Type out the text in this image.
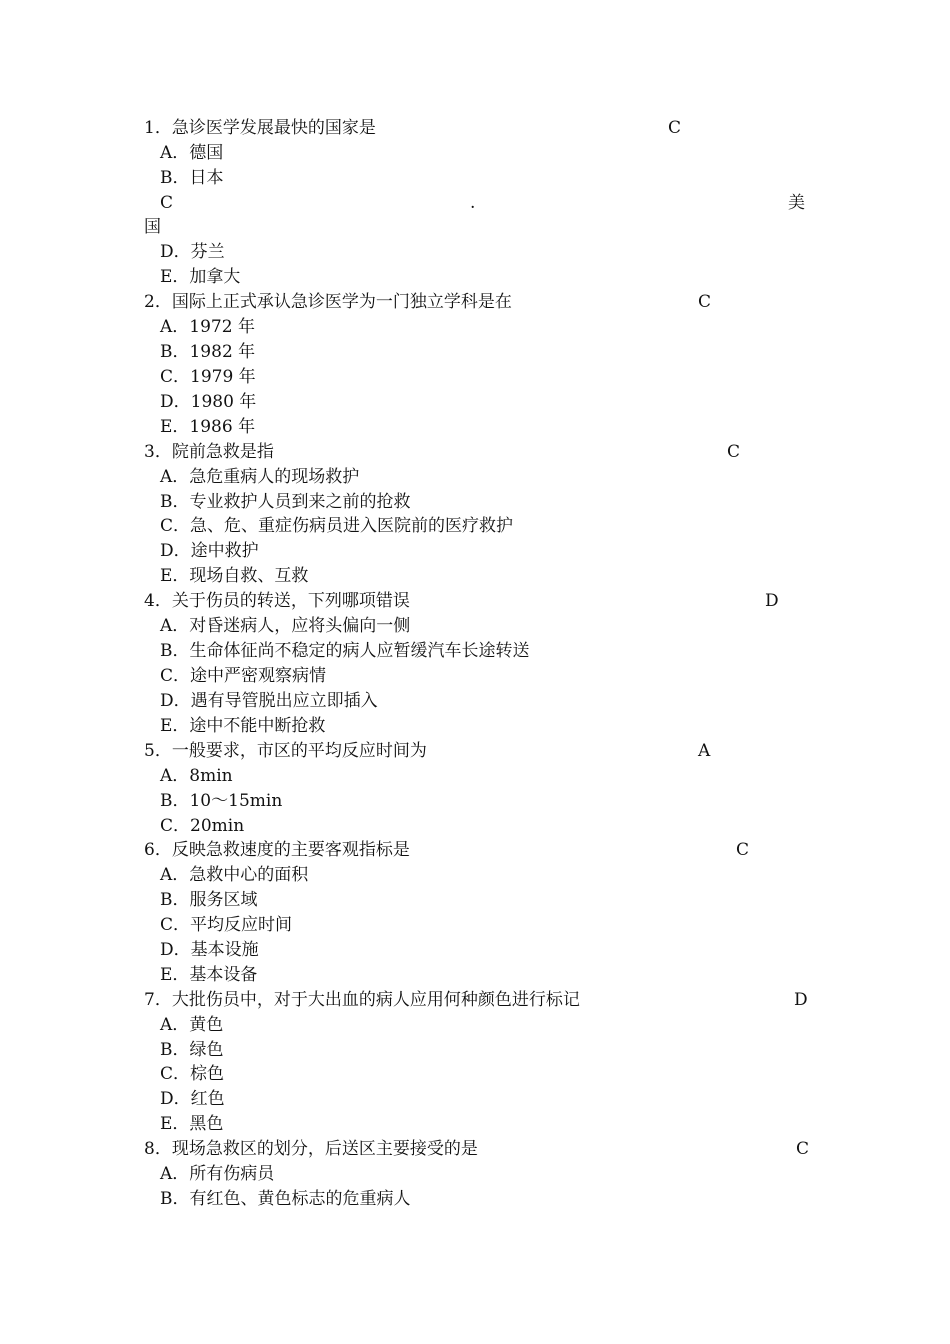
1．急诊医学发展最快的国家是	C
A．德国
B．日本
C	.	美
国
D．芬兰
E．加拿大
2．国际上正式承认急诊医学为一门独立学科是在	C
A．1972 年
B．1982 年
C．1979 年
D．1980 年
E．1986 年
3．院前急救是指	C
A．急危重病人的现场救护
B．专业救护人员到来之前的抢救
C．急、危、重症伤病员进入医院前的医疗救护
D．途中救护
E．现场自救、互救
4．关于伤员的转送，下列哪项错误	D
A．对昏迷病人，应将头偏向一侧
B．生命体征尚不稳定的病人应暂缓汽车长途转送
C．途中严密观察病情
D．遇有导管脱出应立即插入
E．途中不能中断抢救
5．一般要求，市区的平均反应时间为	A
A．8min
B．10～15min
C．20min
6．反映急救速度的主要客观指标是	C
A．急救中心的面积
B．服务区域
C．平均反应时间
D．基本设施
E．基本设备
7．大批伤员中，对于大出血的病人应用何种颜色进行标记	D
A．黄色
B．绿色
C．棕色
D．红色
E．黑色
8．现场急救区的划分，后送区主要接受的是	C
A．所有伤病员
B．有红色、黄色标志的危重病人
